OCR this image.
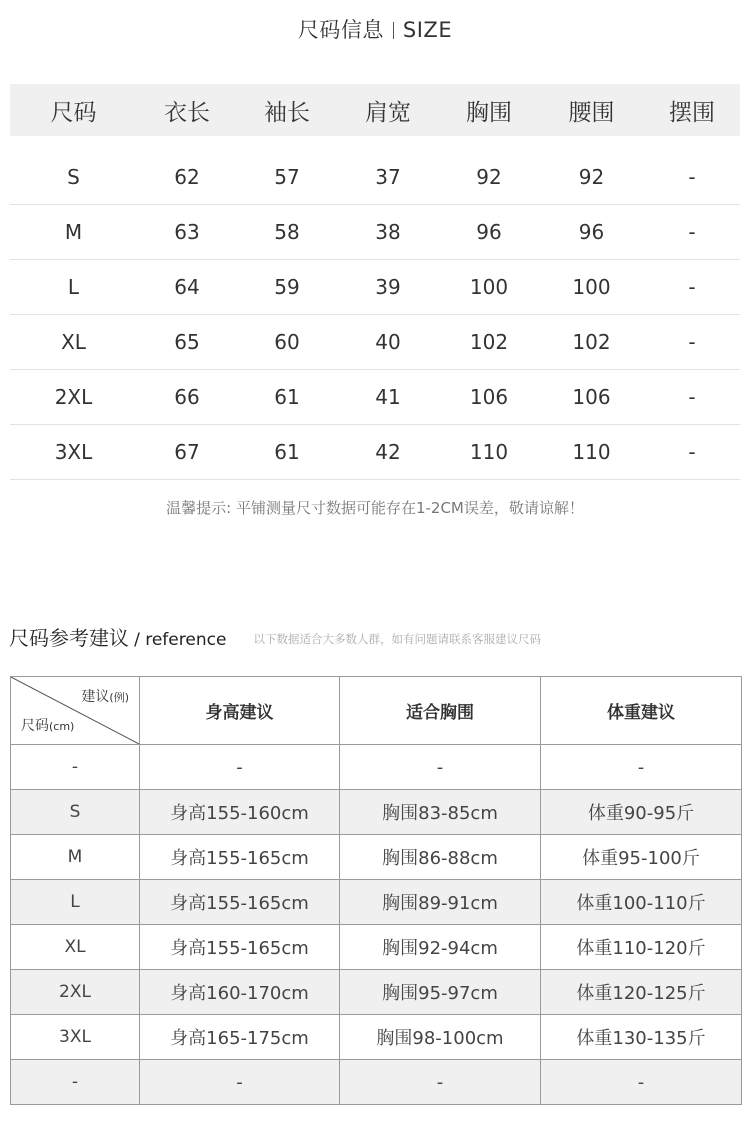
尺码信息 SIZE
尺码	衣长	袖长	肩宽	胸围	腰围	摆围
S	62	57	37	92	92	-
M	63	58	38	96	96	-
L	64	59	39	100	100	-
XL	65	60	40	102	102	-
2XL	66	61	41	106	106	-
3XL	67	61	42	110	110	-
温馨提示: 平铺测量尺寸数据可能存在1-2CM误差，敬请谅解！
尺码参考建议 / reference 以下数据适合大多数人群，如有问题请联系客服建议尺码
建议(例)
尺码(cm)	身高建议	适合胸围	体重建议
-	-	-	-
S	身高155-160cm	胸围83-85cm	体重90-95斤
M	身高155-165cm	胸围86-88cm	体重95-100斤
L	身高155-165cm	胸围89-91cm	体重100-110斤
XL	身高155-165cm	胸围92-94cm	体重110-120斤
2XL	身高160-170cm	胸围95-97cm	体重120-125斤
3XL	身高165-175cm	胸围98-100cm	体重130-135斤
-	-	-	-
